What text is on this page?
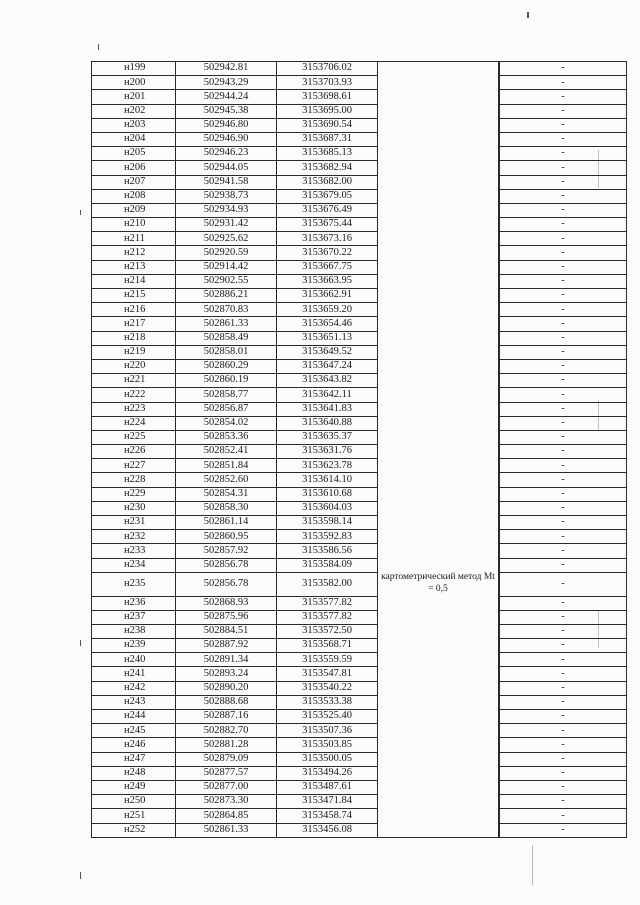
н199	502942.81	3153706.02			-
н200	502943.29	3153703.93			-
н201	502944.24	3153698.61			-
н202	502945.38	3153695.00			-
н203	502946.80	3153690.54			-
н204	502946.90	3153687.31			-
н205	502946.23	3153685.13			-
н206	502944.05	3153682.94			-
н207	502941.58	3153682.00			-
н208	502938.73	3153679.05			-
н209	502934.93	3153676.49			-
н210	502931.42	3153675.44			-
н211	502925.62	3153673.16			-
н212	502920.59	3153670.22			-
н213	502914.42	3153667.75			-
н214	502902.55	3153663.95			-
н215	502886.21	3153662.91			-
н216	502870.83	3153659.20			-
н217	502861.33	3153654.46			-
н218	502858.49	3153651.13			-
н219	502858.01	3153649.52			-
н220	502860.29	3153647.24			-
н221	502860.19	3153643.82			-
н222	502858.77	3153642.11			-
н223	502856.87	3153641.83			-
н224	502854.02	3153640.88			-
н225	502853.36	3153635.37			-
н226	502852.41	3153631.76			-
н227	502851.84	3153623.78			-
н228	502852.60	3153614.10			-
н229	502854.31	3153610.68			-
н230	502858.30	3153604.03			-
н231	502861.14	3153598.14			-
н232	502860.95	3153592.83			-
н233	502857.92	3153586.56			-
н234	502856.78	3153584.09			-
н235	502856.78	3153582.00	картометрический метод Mt = 0,5		-
н236	502868.93	3153577.82			-
н237	502875.96	3153577.82			-
н238	502884.51	3153572.50			-
н239	502887.92	3153568.71			-
н240	502891.34	3153559.59			-
н241	502893.24	3153547.81			-
н242	502890.20	3153540.22			-
н243	502888.68	3153533.38			-
н244	502887.16	3153525.40			-
н245	502882.70	3153507.36			-
н246	502881.28	3153503.85			-
н247	502879.09	3153500.05			-
н248	502877.57	3153494.26			-
н249	502877.00	3153487.61			-
н250	502873.30	3153471.84			-
н251	502864.85	3153458.74			-
н252	502861.33	3153456.08			-
